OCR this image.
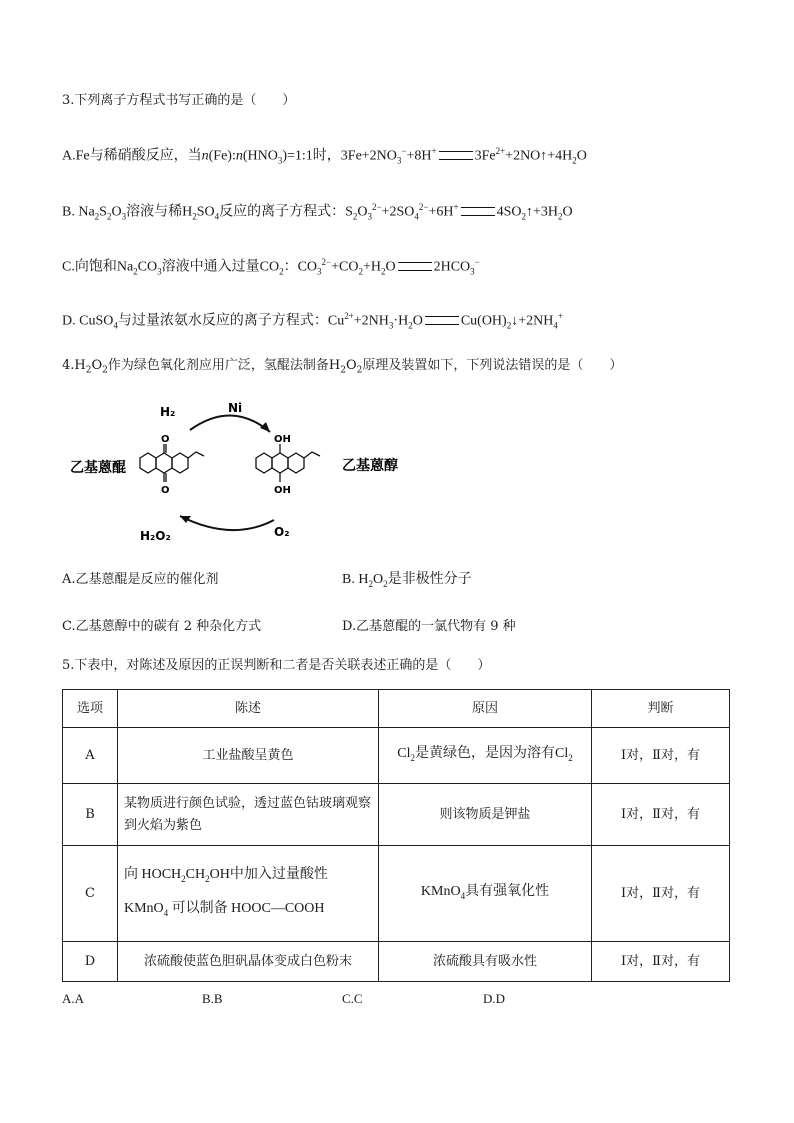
3.下列离子方程式书写正确的是（　　）
A.Fe与稀硝酸反应，当$n(Fe):n(HNO_3)=1:1$时，$3Fe+2NO_3^-+8H^+$	$3Fe^{2+}+2NO↑+4H_2O$
B. $Na_2S_2O_3$溶液与稀$H_2SO_4$反应的离子方程式：$S_2O_3^{2-}+2SO_4^{2-}+6H^+$	$4SO_2↑+3H_2O$
C.向饱和$Na_2CO_3$溶液中通入过量$CO_2$：$CO_3^{2-}+CO_2+H_2O$	$2HCO_3^-$
D. CuSO$_4$与过量浓氨水反应的离子方程式：$Cu^{2+}+2NH_3\cdot H_2O$	$Cu(OH)_2↓+2NH_4^+$
$4.H_2O_2$作为绿色氧化剂应用广泛，氢醌法制备$H_2O_2$原理及装置如下，下列说法错误的是（　　）
H₂	Ni
O₂
H₂O₂
乙基蒽醌
O
O
OH
OH
乙基蒽醇
A.乙基蒽醌是反应的催化剂	B. $H_2O_2$是非极性分子
C.乙基蒽醇中的碳有 2 种杂化方式	D.乙基蒽醌的一氯代物有 9 种
5.下表中，对陈述及原因的正误判断和二者是否关联表述正确的是（　　）
选项	陈述	原因	判断
A	工业盐酸呈黄色	$Cl_2$是黄绿色，是因为溶有$Cl_2$	Ⅰ对，Ⅱ对，有
B	某物质进行颜色试验，透过蓝色钴玻璃观察到火焰为紫色	则该物质是钾盐	Ⅰ对，Ⅱ对，有
C	向 $HOCH_2CH_2OH$中加入过量酸性
KMnO$_4$ 可以制备 HOOC—COOH	KMnO$_4$具有强氧化性	Ⅰ对，Ⅱ对，有
D	浓硫酸使蓝色胆矾晶体变成白色粉末	浓硫酸具有吸水性	Ⅰ对，Ⅱ对，有
A.A	B.B	C.C	D.D
